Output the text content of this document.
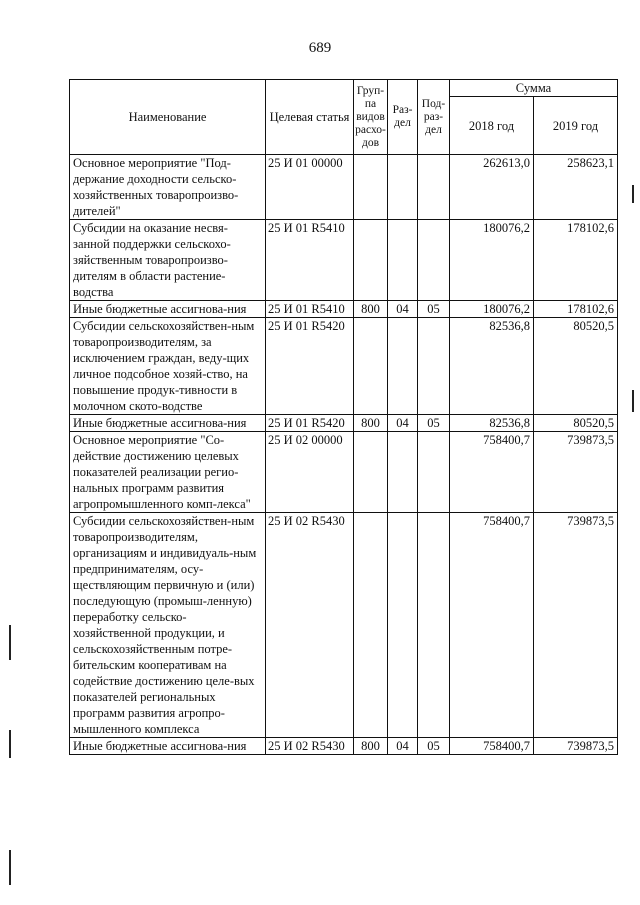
689
Наименование	Целевая статья	Груп-па видов расхо-дов	Раз-дел	Под-раз-дел	Сумма	
					2018 год	2019 год
Основное мероприятие "Под-держание доходности сельско-хозяйственных товаропроизво-дителей"	25 И 01 00000				262613,0	258623,1
Субсидии на оказание несвя-занной поддержки сельскохо-зяйственным товаропроизво-дителям в области растение-водства	25 И 01 R5410				180076,2	178102,6
Иные бюджетные ассигнова-ния	25 И 01 R5410	800	04	05	180076,2	178102,6
Субсидии сельскохозяйствен-ным товаропроизводителям, за исключением граждан, веду-щих личное подсобное хозяй-ство, на повышение продук-тивности в молочном ското-водстве	25 И 01 R5420				82536,8	80520,5
Иные бюджетные ассигнова-ния	25 И 01 R5420	800	04	05	82536,8	80520,5
Основное мероприятие "Со-действие достижению целевых показателей реализации регио-нальных программ развития агропромышленного комп-лекса"	25 И 02 00000				758400,7	739873,5
Субсидии сельскохозяйствен-ным товаропроизводителям, организациям и индивидуаль-ным предпринимателям, осу-ществляющим первичную и (или) последующую (промыш-ленную) переработку сельско-хозяйственной продукции, и сельскохозяйственным потре-бительским кооперативам на содействие достижению целе-вых показателей региональных программ развития агропро-мышленного комплекса	25 И 02 R5430				758400,7	739873,5
Иные бюджетные ассигнова-ния	25 И 02 R5430	800	04	05	758400,7	739873,5
